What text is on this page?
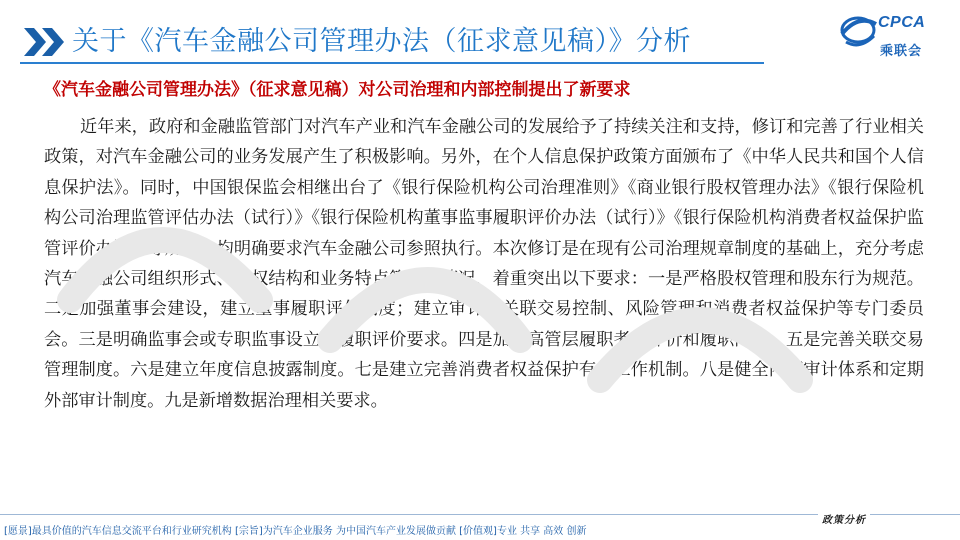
关于《汽车金融公司管理办法（征求意见稿）》分析
CPCA
乘联会
《汽车金融公司管理办法》（征求意见稿）对公司治理和内部控制提出了新要求
近年来，政府和金融监管部门对汽车产业和汽车金融公司的发展给予了持续关注和支持，修订和完善了行业相关政策，对汽车金融公司的业务发展产生了积极影响。另外，在个人信息保护政策方面颁布了《中华人民共和国个人信息保护法》。同时，中国银保监会相继出台了《银行保险机构公司治理准则》《商业银行股权管理办法》《银行保险机构公司治理监管评估办法（试行）》《银行保险机构董事监事履职评价办法（试行）》《银行保险机构消费者权益保护监管评价办法》等规章，均明确要求汽车金融公司参照执行。本次修订是在现有公司治理规章制度的基础上，充分考虑汽车金融公司组织形式、股权结构和业务特点等现实情况，着重突出以下要求：一是严格股权管理和股东行为规范。二是加强董事会建设，建立董事履职评价制度；建立审计、关联交易控制、风险管理和消费者权益保护等专门委员会。三是明确监事会或专职监事设立及履职评价要求。四是加强高管层履职考核评价和履职问责。五是完善关联交易管理制度。六是建立年度信息披露制度。七是建立完善消费者权益保护有关工作机制。八是健全内部审计体系和定期外部审计制度。九是新增数据治理相关要求。
[愿景]最具价值的汽车信息交流平台和行业研究机构 [宗旨]为汽车企业服务 为中国汽车产业发展做贡献 [价值观]专业 共享 高效 创新
政策分析
